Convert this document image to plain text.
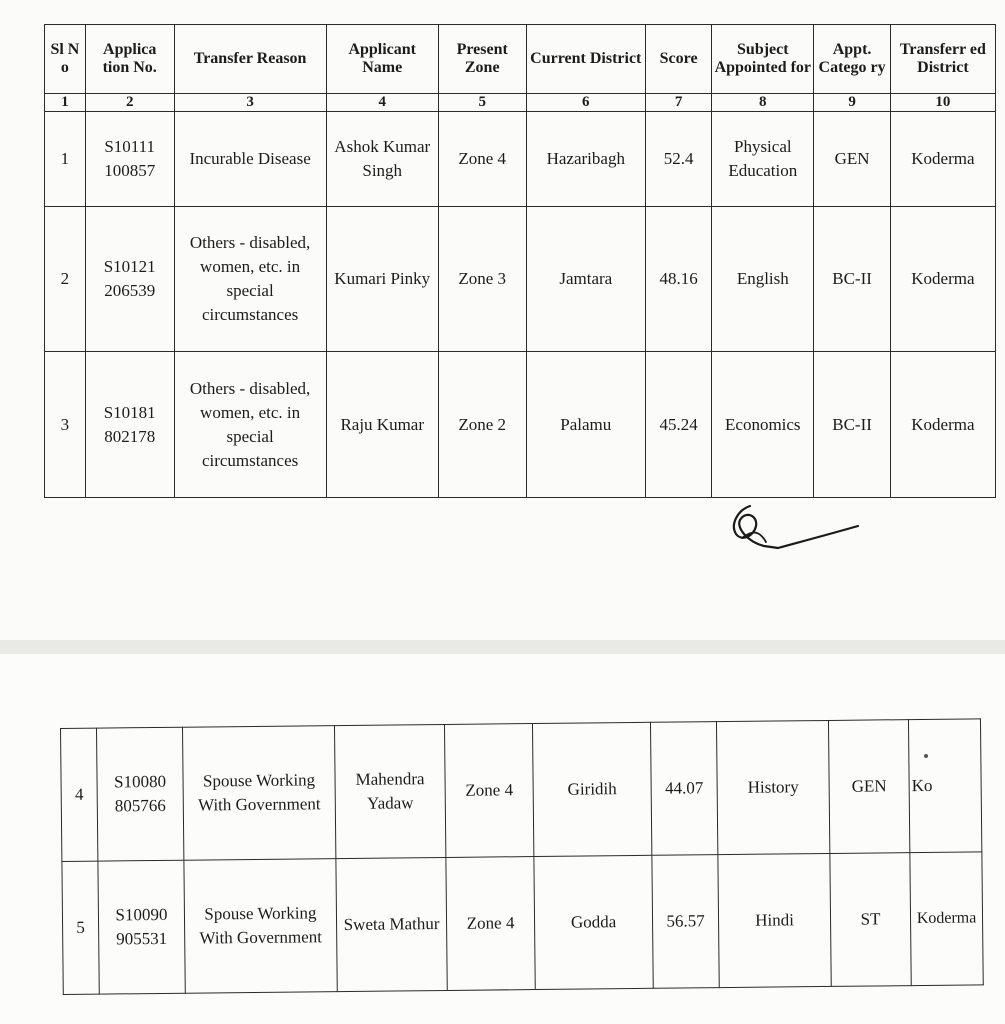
Sl N o	Applica tion No.	Transfer Reason	Applicant Name	Present Zone	Current District	Score	Subject Appointed for	Appt. Catego ry	Transferr ed District
1	2	3	4	5	6	7	8	9	10
1	S10111 100857	Incurable Disease	Ashok Kumar Singh	Zone 4	Hazaribagh	52.4	Physical Education	GEN	Koderma
2	S10121 206539	Others - disabled, women, etc. in special circumstances	Kumari Pinky	Zone 3	Jamtara	48.16	English	BC-II	Koderma
3	S10181 802178	Others - disabled, women, etc. in special circumstances	Raju Kumar	Zone 2	Palamu	45.24	Economics	BC-II	Koderma
4	S10080 805766	Spouse Working With Government	Mahendra Yadaw	Zone 4	Giridih	44.07	History	GEN	Ko
5	S10090 905531	Spouse Working With Government	Sweta Mathur	Zone 4	Godda	56.57	Hindi	ST	Koderma
